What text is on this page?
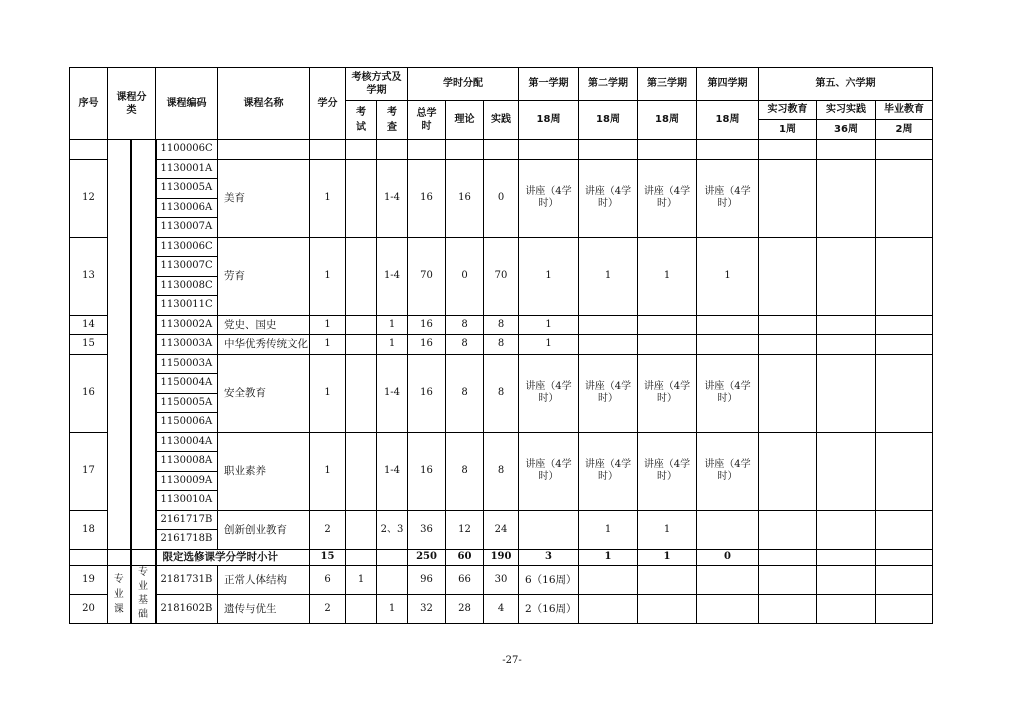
序号	课程分类		课程编码	课程名称	学分	考核方式及学期		学时分配			第一学期	第二学期	第三学期	第四学期	第五、六学期		
						考试	考查	总学时	理论	实践	18周	18周	18周	18周	实习教育	实习实践	毕业教育
															1周	36周	2周
			1100006C														
12			1130001A	美育	1		1-4	16	16	0	讲座（4学时）	讲座（4学时）	讲座（4学时）	讲座（4学时）			
			1130005A														
			1130006A														
			1130007A														
13			1130006C	劳育	1		1-4	70	0	70	1	1	1	1			
			1130007C														
			1130008C														
			1130011C														
14			1130002A	党史、国史	1		1	16	8	8	1						
15			1130003A	中华优秀传统文化	1		1	16	8	8	1						
16			1150003A	安全教育	1		1-4	16	8	8	讲座（4学时）	讲座（4学时）	讲座（4学时）	讲座（4学时）			
			1150004A														
			1150005A														
			1150006A														
17			1130004A	职业素养	1		1-4	16	8	8	讲座（4学时）	讲座（4学时）	讲座（4学时）	讲座（4学时）			
			1130008A														
			1130009A														
			1130010A														
18			2161717B	创新创业教育	2		2、3	36	12	24		1	1				
			2161718B														
			限定选修课学分学时小计		15			250	60	190	3	1	1	0			
19	专业课	专业基础	2181731B	正常人体结构	6	1		96	66	30	6（16周）						
20			2181602B	遗传与优生	2		1	32	28	4	2（16周）						
-27-
